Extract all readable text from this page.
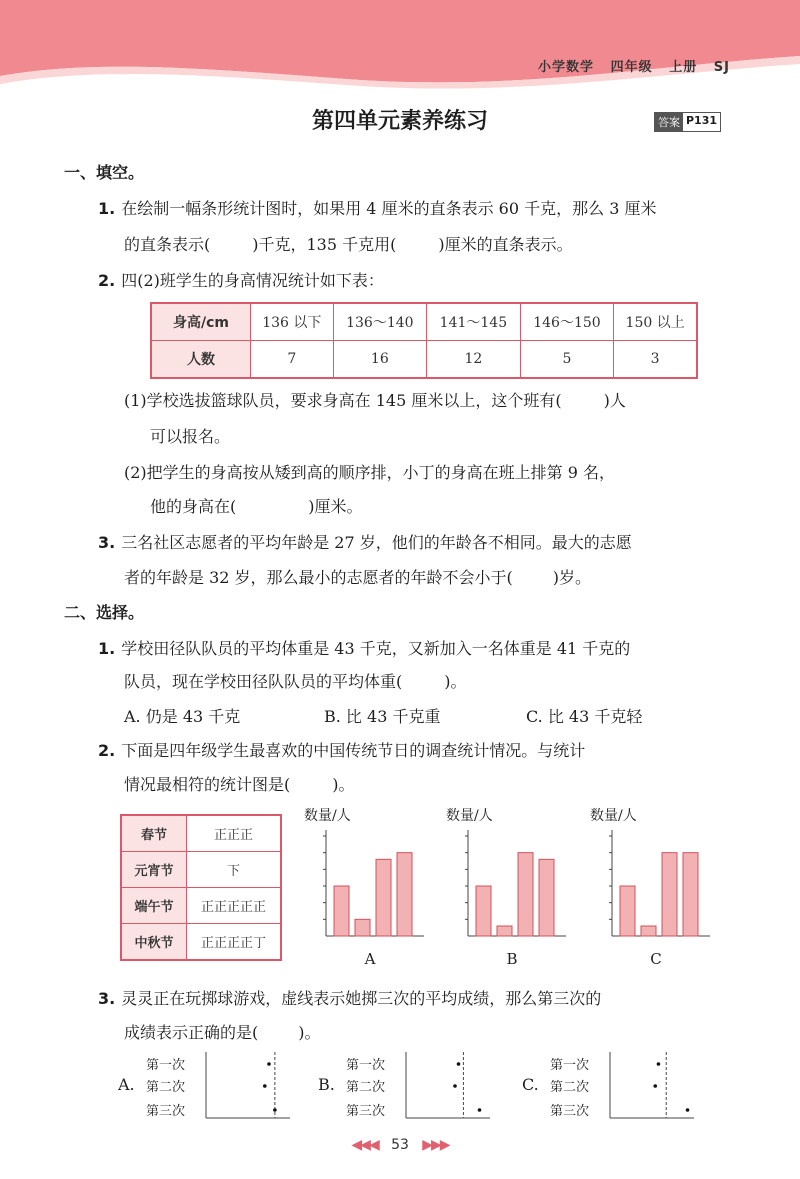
小学数学 四年级 上册 SJ
第四单元素养练习	答案 P131
一、填空。
1. 在绘制一幅条形统计图时，如果用 4 厘米的直条表示 60 千克，那么 3 厘米
的直条表示(	)千克，135 千克用(	)厘米的直条表示。
2. 四(2)班学生的身高情况统计如下表：
身高/cm	136 以下	136～140	141～145	146～150	150 以上
人数	7	16	12	5	3
(1)学校选拔篮球队员，要求身高在 145 厘米以上，这个班有(	)人
可以报名。
(2)把学生的身高按从矮到高的顺序排，小丁的身高在班上排第 9 名，
他的身高在(	)厘米。
3. 三名社区志愿者的平均年龄是 27 岁，他们的年龄各不相同。最大的志愿
者的年龄是 32 岁，那么最小的志愿者的年龄不会小于(	)岁。
二、选择。
1. 学校田径队队员的平均体重是 43 千克，又新加入一名体重是 41 千克的
队员，现在学校田径队队员的平均体重(	)。
A. 仍是 43 千克	B. 比 43 千克重	C. 比 43 千克轻
2. 下面是四年级学生最喜欢的中国传统节日的调查统计情况。与统计
情况最相符的统计图是(	)。
春节	正正正
元宵节	下
端午节	正正正正正
中秋节	正正正正丁
数量/人
A
数量/人
B
数量/人
C
3. 灵灵正在玩掷球游戏，虚线表示她掷三次的平均成绩，那么第三次的
成绩表示正确的是(	)。
A.
第一次
第二次
第三次
B.
第一次
第二次
第三次
C.
第一次
第二次
第三次
◀◀◀ 53 ▶▶▶
